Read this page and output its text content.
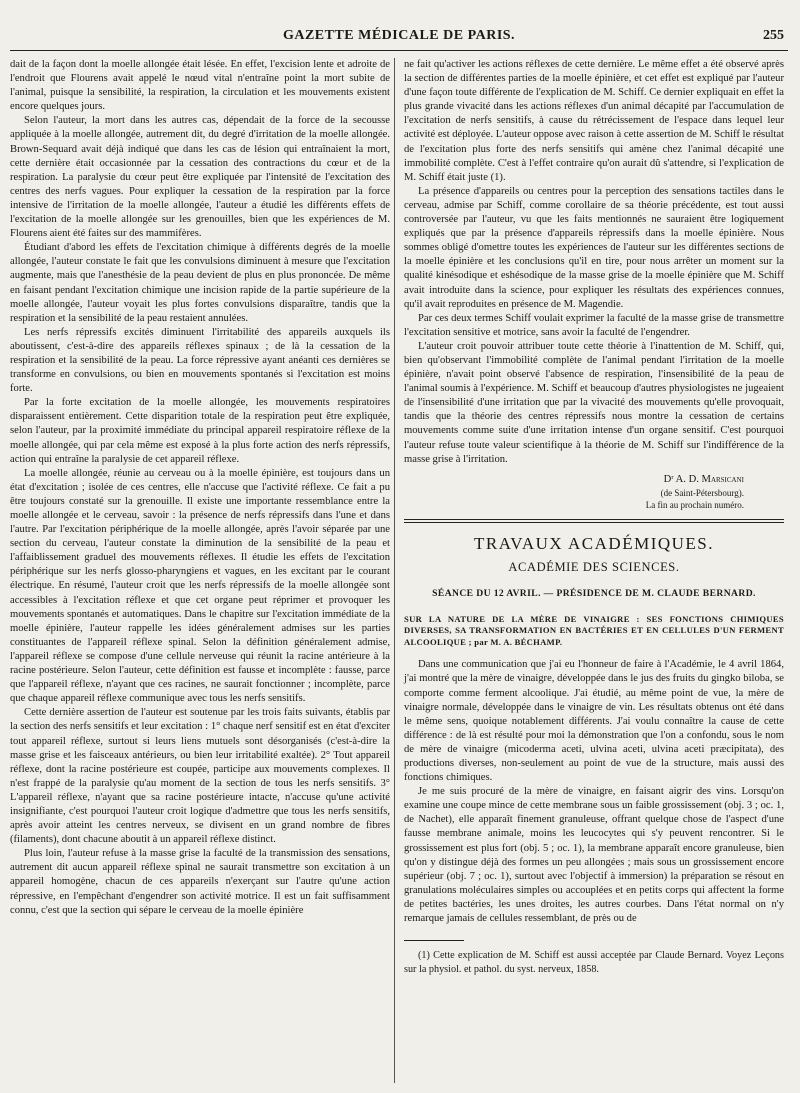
GAZETTE MÉDICALE DE PARIS.	255

dait de la façon dont la moelle allongée était lésée. En effet, l'excision lente et adroite de l'endroit que Flourens avait appelé le nœud vital n'entraîne point la mort subite de l'animal, puisque la sensibilité, la respiration, la circulation et les mouvements existent encore quelques jours.

Selon l'auteur, la mort dans les autres cas, dépendait de la force de la secousse appliquée à la moelle allongée, autrement dit, du degré d'irritation de la moelle allongée. Brown-Sequard avait déjà indiqué que dans les cas de lésion qui entraînaient la mort, cette dernière était occasionnée par la cessation des contractions du cœur et de la respiration. La paralysie du cœur peut être expliquée par l'intensité de l'excitation des centres des nerfs vagues. Pour expliquer la cessation de la respiration par la force intensive de l'irritation de la moelle allongée, l'auteur a étudié les différents effets de l'excitation de la moelle allongée sur les grenouilles, bien que les expériences de M. Flourens aient été faites sur des mammifères.

Étudiant d'abord les effets de l'excitation chimique à différents degrés de la moelle allongée, l'auteur constate le fait que les convulsions diminuent à mesure que l'excitation augmente, mais que l'anesthésie de la peau devient de plus en plus prononcée. De même en faisant pendant l'excitation chimique une incision rapide de la partie supérieure de la moelle allongée, l'auteur voyait les plus fortes convulsions disparaître, tandis que la respiration et la sensibilité de la peau restaient annulées.

Les nerfs répressifs excités diminuent l'irritabilité des appareils auxquels ils aboutissent, c'est-à-dire des appareils réflexes spinaux ; de là la cessation de la respiration et la sensibilité de la peau. La force répressive ayant anéanti ces dernières se transforme en convulsions, ou bien en mouvements spontanés si l'excitation est moins forte.

Par la forte excitation de la moelle allongée, les mouvements respiratoires disparaissent entièrement. Cette disparition totale de la respiration peut être expliquée, selon l'auteur, par la proximité immédiate du principal appareil respiratoire réflexe de la moelle allongée, qui par cela même est exposé à la plus forte action des nerfs répressifs, action qui entraîne la paralysie de cet appareil réflexe.

La moelle allongée, réunie au cerveau ou à la moelle épinière, est toujours dans un état d'excitation ; isolée de ces centres, elle n'accuse que l'activité réflexe. Ce fait a pu être toujours constaté sur la grenouille. Il existe une importante ressemblance entre la moelle allongée et le cerveau, savoir : la présence de nerfs répressifs dans l'une et dans l'autre. Par l'excitation périphérique de la moelle allongée, après l'avoir séparée par une section du cerveau, l'auteur constate la diminution de la sensibilité de la peau et l'affaiblissement graduel des mouvements réflexes. Il étudie les effets de l'excitation périphérique sur les nerfs glosso-pharyngiens et vagues, en les excitant par le courant électrique. En résumé, l'auteur croit que les nerfs répressifs de la moelle allongée sont accessibles à l'excitation réflexe et que cet organe peut réprimer et provoquer les mouvements spontanés et automatiques. Dans le chapitre sur l'excitation immédiate de la moelle épinière, l'auteur rappelle les idées généralement admises sur les parties constituantes de l'appareil réflexe spinal. Selon la définition généralement admise, l'appareil réflexe se compose d'une cellule nerveuse qui réunit la racine antérieure à la racine postérieure. Selon l'auteur, cette définition est fausse et incomplète : fausse, parce que l'appareil réflexe, n'ayant que ces racines, ne saurait fonctionner ; incomplète, parce que chaque appareil réflexe communique avec tous les nerfs sensitifs.

Cette dernière assertion de l'auteur est soutenue par les trois faits suivants, établis par la section des nerfs sensitifs et leur excitation : 1° chaque nerf sensitif est en état d'exciter tout appareil réflexe, surtout si leurs liens mutuels sont désorganisés (c'est-à-dire la masse grise et les faisceaux antérieurs, ou bien leur irritabilité exaltée). 2° Tout appareil réflexe, dont la racine postérieure est coupée, participe aux mouvements complexes. Il n'est frappé de la paralysie qu'au moment de la section de tous les nerfs sensitifs. 3° L'appareil réflexe, n'ayant que sa racine postérieure intacte, n'accuse qu'une activité insignifiante, c'est pourquoi l'auteur croit logique d'admettre que tous les nerfs sensitifs, après avoir atteint les centres nerveux, se divisent en un grand nombre de fibres (filaments), dont chacune aboutit à un appareil réflexe distinct.

Plus loin, l'auteur refuse à la masse grise la faculté de la transmission des sensations, autrement dit aucun appareil réflexe spinal ne saurait transmettre son excitation à un appareil homogène, chacun de ces appareils n'exerçant sur l'autre qu'une action répressive, en l'empêchant d'engendrer son activité motrice. Il est un fait suffisamment connu, c'est que la section qui sépare le cerveau de la moelle épinière

ne fait qu'activer les actions réflexes de cette dernière. Le même effet a été observé après la section de différentes parties de la moelle épinière, et cet effet est expliqué par l'auteur d'une façon toute différente de l'explication de M. Schiff. Ce dernier expliquait en effet la plus grande vivacité dans les actions réflexes d'un animal décapité par l'accumulation de l'excitation de nerfs sensitifs, à cause du rétrécissement de l'espace dans lequel leur activité est déployée. L'auteur oppose avec raison à cette assertion de M. Schiff le résultat de l'excitation plus forte des nerfs sensitifs qui amène chez l'animal décapité une immobilité complète. C'est à l'effet contraire qu'on aurait dû s'attendre, si l'explication de M. Schiff était juste (1).

La présence d'appareils ou centres pour la perception des sensations tactiles dans le cerveau, admise par Schiff, comme corollaire de sa théorie précédente, est tout aussi controversée par l'auteur, vu que les faits mentionnés ne sauraient être logiquement expliqués que par la présence d'appareils répressifs dans la moelle épinière. Nous sommes obligé d'omettre toutes les expériences de l'auteur sur les différentes sections de la moelle épinière et les conclusions qu'il en tire, pour nous arrêter un moment sur la qualité kinésodique et eshésodique de la masse grise de la moelle épinière que M. Schiff avait introduite dans la science, pour expliquer les résultats des expériences connues, qu'il avait reproduites en présence de M. Magendie.

Par ces deux termes Schiff voulait exprimer la faculté de la masse grise de transmettre l'excitation sensitive et motrice, sans avoir la faculté de l'engendrer.

L'auteur croit pouvoir attribuer toute cette théorie à l'inattention de M. Schiff, qui, bien qu'observant l'immobilité complète de l'animal pendant l'irritation de la moelle épinière, n'avait point observé l'absence de respiration, l'insensibilité de la peau de l'animal soumis à l'expérience. M. Schiff et beaucoup d'autres physiologistes ne jugeaient de l'insensibilité d'une irritation que par la vivacité des mouvements qu'elle provoquait, tandis que la théorie des centres répressifs nous montre la cessation de certains mouvements comme suite d'une irritation intense d'un organe sensitif. C'est pourquoi l'auteur refuse toute valeur scientifique à la théorie de M. Schiff sur l'indifférence de la masse grise à l'irritation.

Dʳ A. D. Marsicani
(de Saint-Pétersbourg).
La fin au prochain numéro.
TRAVAUX ACADÉMIQUES.
ACADÉMIE DES SCIENCES.
SÉANCE DU 12 AVRIL. — PRÉSIDENCE DE M. CLAUDE BERNARD.

SUR LA NATURE DE LA MÈRE DE VINAIGRE : SES FONCTIONS CHIMIQUES DIVERSES, SA TRANSFORMATION EN BACTÉRIES ET EN CELLULES D'UN FERMENT ALCOOLIQUE ; par M. A. BÉCHAMP.

Dans une communication que j'ai eu l'honneur de faire à l'Académie, le 4 avril 1864, j'ai montré que la mère de vinaigre, développée dans le jus des fruits du gingko biloba, se comporte comme ferment alcoolique. J'ai étudié, au même point de vue, la mère de vinaigre normale, développée dans le vinaigre de vin. Les résultats obtenus ont été dans le même sens, quoique notablement différents. J'ai voulu connaître la cause de cette différence : de là est résulté pour moi la démonstration que l'on a confondu, sous le nom de mère de vinaigre (micoderma aceti, ulvina aceti, ulvina aceti præcipitata), des productions diverses, non-seulement au point de vue de la structure, mais aussi des fonctions chimiques.

Je me suis procuré de la mère de vinaigre, en faisant aigrir des vins. Lorsqu'on examine une coupe mince de cette membrane sous un faible grossissement (obj. 3 ; oc. 1, de Nachet), elle apparaît finement granuleuse, offrant quelque chose de l'aspect d'une fausse membrane animale, moins les leucocytes qui s'y peuvent rencontrer. Si le grossissement est plus fort (obj. 5 ; oc. 1), la membrane apparaît encore granuleuse, bien qu'on y distingue déjà des formes un peu allongées ; mais sous un grossissement encore supérieur (obj. 7 ; oc. 1), surtout avec l'objectif à immersion) la préparation se résout en granulations moléculaires simples ou accouplées et en petits corps qui affectent la forme de petites bactéries, les unes droites, les autres courbes. Dans l'état normal on n'y remarque jamais de cellules ressemblant, de près ou de

(1) Cette explication de M. Schiff est aussi acceptée par Claude Bernard. Voyez Leçons sur la physiol. et pathol. du syst. nerveux, 1858.
